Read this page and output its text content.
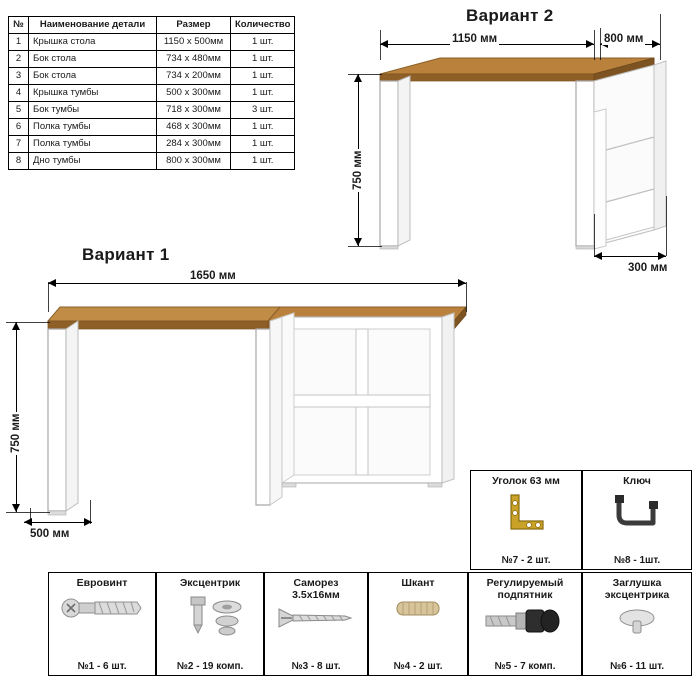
№	Наименование детали	Размер	Количество
1	Крышка стола	1150 x 500мм	1 шт.
2	Бок стола	734 х 480мм	1 шт.
3	Бок стола	734 х 200мм	1 шт.
4	Крышка тумбы	500 х 300мм	1 шт.
5	Бок тумбы	718 х 300мм	3 шт.
6	Полка тумбы	468 х 300мм	1 шт.
7	Полка тумбы	284 х 300мм	1 шт.
8	Дно тумбы	800 х 300мм	1 шт.
Вариант 2
Вариант 1
1150 мм	800 мм
750 мм
300 мм
1650 мм
750 мм
500 мм
Уголок 63 мм
№7 - 2 шт.
Ключ
№8 - 1шт.
Евровинт
№1 - 6 шт.
Эксцентрик
№2 - 19 комп.
Саморез
3.5х16мм
№3 - 8 шт.
Шкант
№4 - 2 шт.
Регулируемый
подпятник
№5 - 7 комп.
Заглушка
эксцентрика
№6 - 11 шт.
